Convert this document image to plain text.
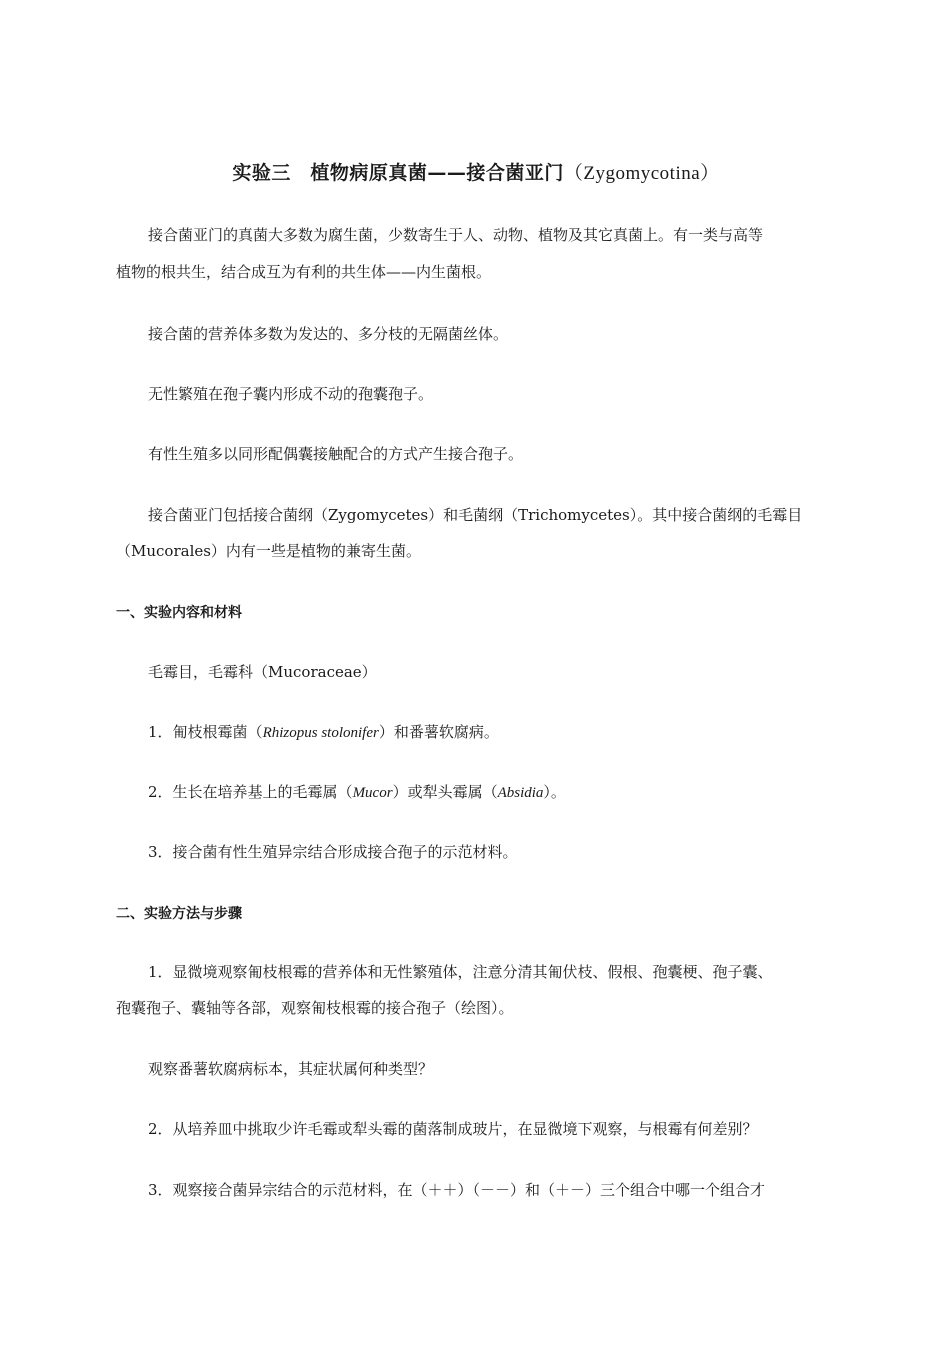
实验三　植物病原真菌——接合菌亚门（Zygomycotina）
接合菌亚门的真菌大多数为腐生菌，少数寄生于人、动物、植物及其它真菌上。有一类与高等
植物的根共生，结合成互为有利的共生体——内生菌根。
接合菌的营养体多数为发达的、多分枝的无隔菌丝体。
无性繁殖在孢子囊内形成不动的孢囊孢子。
有性生殖多以同形配偶囊接触配合的方式产生接合孢子。
接合菌亚门包括接合菌纲（Zygomycetes）和毛菌纲（Trichomycetes）。其中接合菌纲的毛霉目
（Mucorales）内有一些是植物的兼寄生菌。
一、实验内容和材料
毛霉目，毛霉科（Mucoraceae）
1．匍枝根霉菌（Rhizopus stolonifer）和番薯软腐病。
2．生长在培养基上的毛霉属（Mucor）或犁头霉属（Absidia）。
3．接合菌有性生殖异宗结合形成接合孢子的示范材料。
二、实验方法与步骤
1．显微境观察匍枝根霉的营养体和无性繁殖体，注意分清其匍伏枝、假根、孢囊梗、孢子囊、
孢囊孢子、囊轴等各部，观察匍枝根霉的接合孢子（绘图）。
观察番薯软腐病标本，其症状属何种类型？
2．从培养皿中挑取少许毛霉或犁头霉的菌落制成玻片，在显微境下观察，与根霉有何差别？
3．观察接合菌异宗结合的示范材料，在（＋＋）（－－）和（＋－）三个组合中哪一个组合才
